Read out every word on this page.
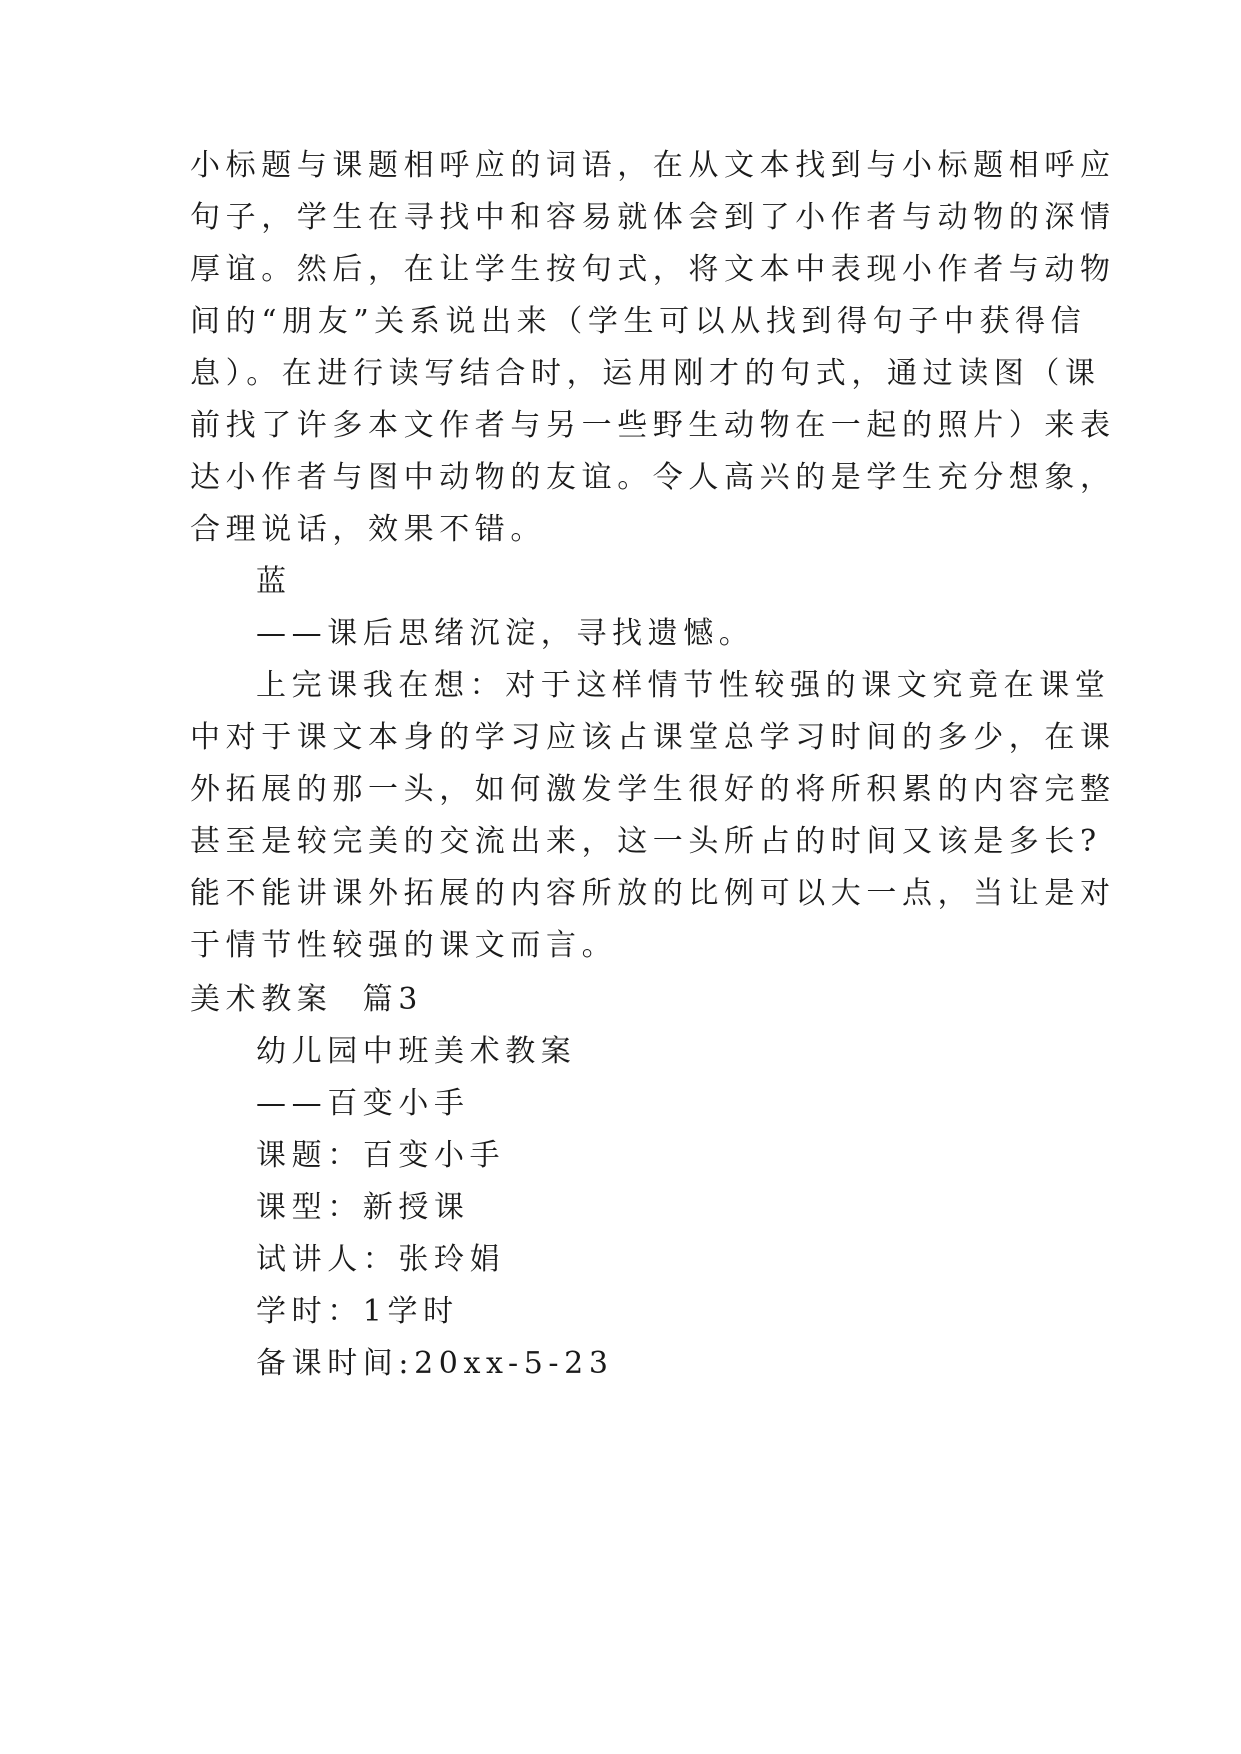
小标题与课题相呼应的词语，在从文本找到与小标题相呼应
句子，学生在寻找中和容易就体会到了小作者与动物的深情
厚谊。然后，在让学生按句式，将文本中表现小作者与动物
间的“朋友”关系说出来（学生可以从找到得句子中获得信
息）。在进行读写结合时，运用刚才的句式，通过读图（课
前找了许多本文作者与另一些野生动物在一起的照片）来表
达小作者与图中动物的友谊。令人高兴的是学生充分想象，
合理说话，效果不错。
蓝
——课后思绪沉淀，寻找遗憾。
上完课我在想：对于这样情节性较强的课文究竟在课堂
中对于课文本身的学习应该占课堂总学习时间的多少，在课
外拓展的那一头，如何激发学生很好的将所积累的内容完整
甚至是较完美的交流出来，这一头所占的时间又该是多长?
能不能讲课外拓展的内容所放的比例可以大一点，当让是对
于情节性较强的课文而言。
美术教案  篇3
幼儿园中班美术教案
——百变小手
课题：百变小手
课型：新授课
试讲人：张玲娟
学时：1学时
备课时间:20xx-5-23
